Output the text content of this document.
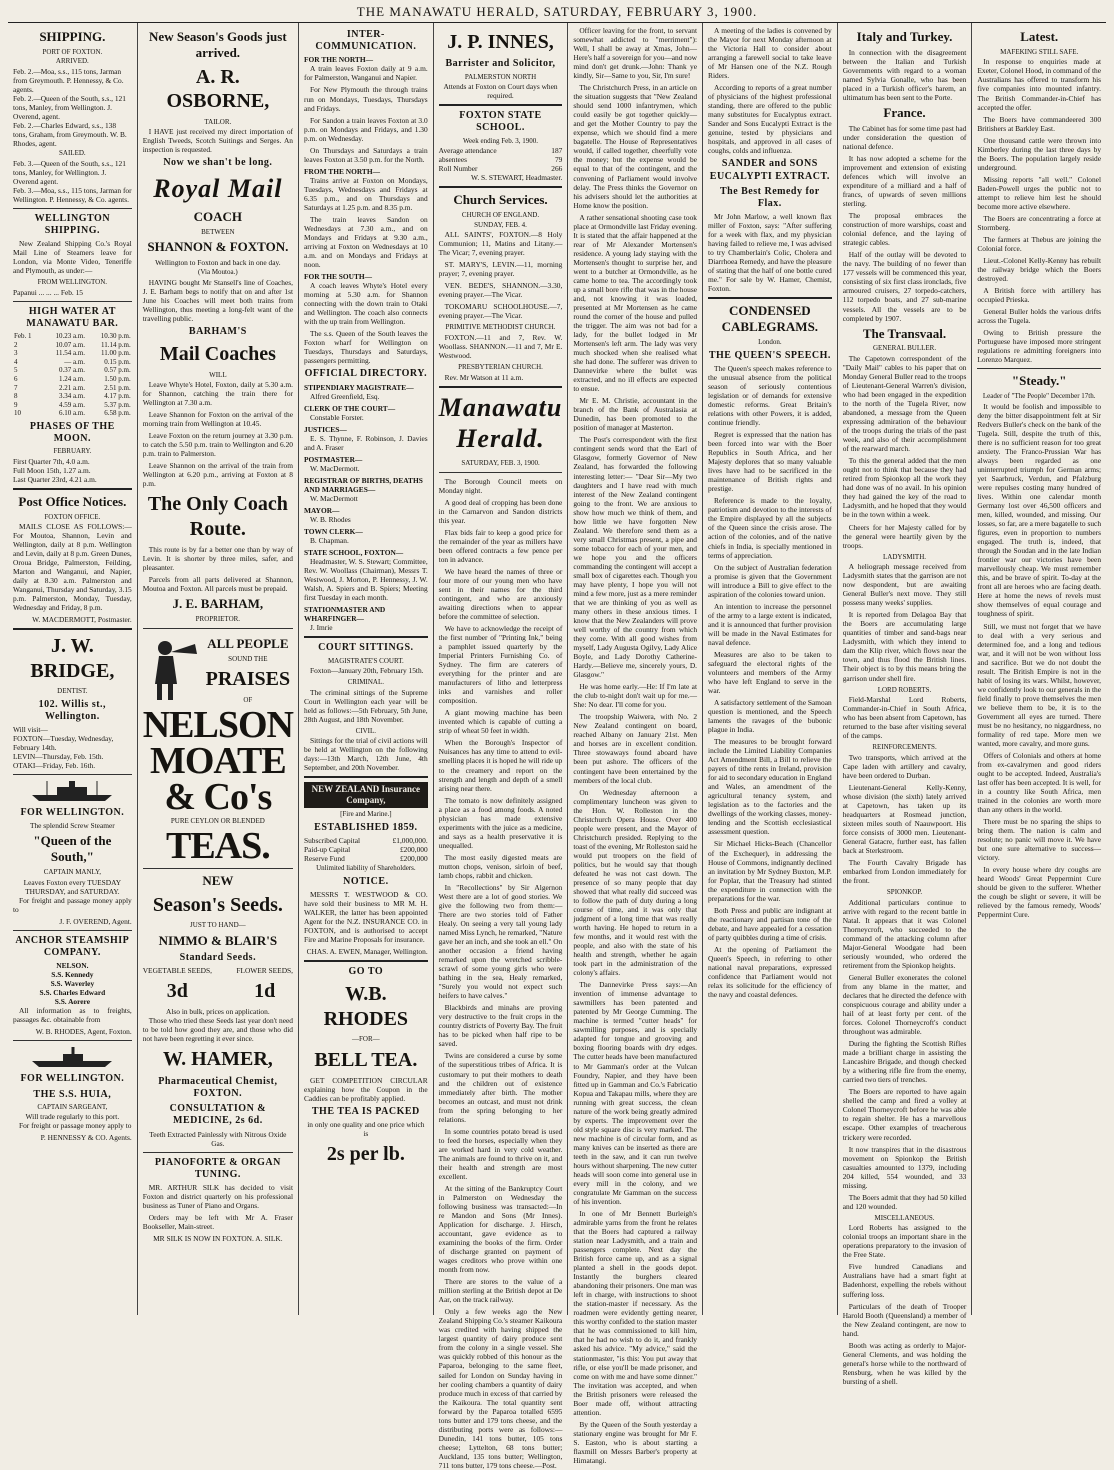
THE MANAWATU HERALD, SATURDAY, FEBRUARY 3, 1900.
SHIPPING.
PORT OF FOXTON.
ARRIVED.
Feb. 2.—Moa, s.s., 115 tons, Jarman from Greymouth. P. Hennessy, & Co. agents.
Feb. 2.—Queen of the South, s.s., 121 tons, Manley, from Wellington. J. Overend, agent.
Feb. 2.—Charles Edward, s.s., 138 tons, Graham, from Greymouth. W. B. Rhodes, agent.
SAILED.
Feb. 3.—Queen of the South, s.s., 121 tons, Manley, for Wellington. J. Overend agent.
Feb. 3.—Moa, s.s., 115 tons, Jarman for Wellington. P. Hennessy, & Co. agents.
WELLINGTON SHIPPING.
New Zealand Shipping Co.'s Royal Mail Line of Steamers leave for London, via Monte Video, Teneriffe and Plymouth, as under:—
FROM WELLINGTON.
Papanui ... ... ... Feb. 15
HIGH WATER AT MANAWATU BAR.
Feb. 1	10.23 a.m.	10.30 p.m.
2	10.07 a.m.	11.14 p.m.
3	11.54 a.m.	11.00 p.m.
4	— a.m.	0.15 p.m.
5	0.37 a.m.	0.57 p.m.
6	1.24 a.m.	1.50 p.m.
7	2.21 a.m.	2.51 p.m.
8	3.34 a.m.	4.17 p.m.
9	4.59 a.m.	5.37 p.m.
10	6.10 a.m.	6.58 p.m.
PHASES OF THE MOON.
FEBRUARY.
First Quarter 7th, 4.0 a.m.
Full Moon 15th, 1.27 a.m.
Last Quarter 23rd, 4.21 a.m.
Post Office Notices.
FOXTON OFFICE.
MAILS CLOSE AS FOLLOWS:— For Moutoa, Shannon, Levin and Wellington, daily at 8 p.m. Wellington and Levin, daily at 8 p.m. Green Dunes, Oroua Bridge, Palmerston, Feilding, Marton and Wanganui, and Napier, daily at 8.30 a.m. Palmerston and Wanganui, Thursday and Saturday, 3.15 p.m. Palmerston, Monday, Tuesday, Wednesday and Friday, 8 p.m.
W. MACDERMOTT, Postmaster.
J. W. BRIDGE,
DENTIST.
102. Willis st., Wellington.
Will visit—
FOXTON—Tuesday, Wednesday, February 14th.
LEVIN—Thursday, Feb. 15th.
OTAKI—Friday, Feb. 16th.
FOR WELLINGTON.
The splendid Screw Steamer
"Queen of the South,"
CAPTAIN MANLY,
Leaves Foxton every TUESDAY THURSDAY, and SATURDAY.
For freight and passage money apply to
J. F. OVEREND, Agent.
ANCHOR STEAMSHIP COMPANY.
NELSON.
S.S. Kennedy
S.S. Waverley
S.S. Charles Edward
S.S. Aorere
All information as to freights, passages &c. obtainable from
W. B. RHODES, Agent, Foxton.
FOR WELLINGTON.
THE S.S. HUIA,
CAPTAIN SARGEANT,
Will trade regularly to this port.
For freight or passage money apply to
P. HENNESSY & CO. Agents.
New Season's Goods just arrived.
A. R. OSBORNE,
TAILOR.
I HAVE just received my direct importation of English Tweeds, Scotch Suitings and Serges. An inspection is requested.
Now we shan't be long.
Royal Mail
COACH
BETWEEN
SHANNON & FOXTON.
Wellington to Foxton and back in one day.
(Via Moutoa.)
HAVING bought Mr Stansell's line of Coaches, J. E. Barham begs to notify that on and after 1st June his Coaches will meet both trains from Wellington, thus meeting a long-felt want of the travelling public.
BARHAM'S
Mail Coaches
WILL
Leave Whyte's Hotel, Foxton, daily at 5.30 a.m. for Shannon, catching the train there for Wellington at 7.30 a.m.
Leave Shannon for Foxton on the arrival of the morning train from Wellington at 10.45.
Leave Foxton on the return journey at 3.30 p.m. to catch the 5.50 p.m. train to Wellington and 6.20 p.m. train to Palmerston.
Leave Shannon on the arrival of the train from Wellington at 6.20 p.m., arriving at Foxton at 8 p.m.
The Only Coach Route.
This route is by far a better one than by way of Levin. It is shorter by three miles, safer, and pleasanter.
Parcels from all parts delivered at Shannon, Moutoa and Foxton. All parcels must be prepaid.
J. E. BARHAM,
PROPRIETOR.
ALL PEOPLE
SOUND THE
PRAISES
OF
NELSON MOATE & Co's
PURE CEYLON OR BLENDED
TEAS.
NEW
Season's Seeds.
JUST TO HAND—
NIMMO & BLAIR'S
Standard Seeds.
VEGETABLE SEEDS,
3d
FLOWER SEEDS,
1d
Also in bulk, prices on application.
Those who tried these Seeds last year don't need to be told how good they are, and those who did not have been regretting it ever since.
W. HAMER,
Pharmaceutical Chemist, FOXTON.
CONSULTATION & MEDICINE, 2s 6d.
Teeth Extracted Painlessly with Nitrous Oxide Gas.
PIANOFORTE & ORGAN TUNING.
MR. ARTHUR SILK has decided to visit Foxton and district quarterly on his professional business as Tuner of Piano and Organs.
Orders may be left with Mr A. Fraser Bookseller, Main-street.
MR SILK IS NOW IN FOXTON. A. SILK.
INTER-COMMUNICATION.
FOR THE NORTH—
A train leaves Foxton daily at 9 a.m. for Palmerston, Wanganui and Napier.
For New Plymouth the through trains run on Mondays, Tuesdays, Thursdays and Fridays.
For Sandon a train leaves Foxton at 3.0 p.m. on Mondays and Fridays, and 1.30 p.m. on Wednesday.
On Thursdays and Saturdays a train leaves Foxton at 3.50 p.m. for the North.
FROM THE NORTH—
Trains arrive at Foxton on Mondays, Tuesdays, Wednesdays and Fridays at 6.35 p.m., and on Thursdays and Saturdays at 1.25 p.m. and 8.35 p.m.
The train leaves Sandon on Wednesdays at 7.30 a.m., and on Mondays and Fridays at 9.30 a.m., arriving at Foxton on Wednesdays at 10 a.m. and on Mondays and Fridays at noon.
FOR THE SOUTH—
A coach leaves Whyte's Hotel every morning at 5.30 a.m. for Shannon connecting with the down train to Otaki and Wellington. The coach also connects with the up train from Wellington.
The s.s. Queen of the South leaves the Foxton wharf for Wellington on Tuesdays, Thursdays and Saturdays, passengers permitting.
OFFICIAL DIRECTORY.
STIPENDIARY MAGISTRATE—
Alfred Greenfield, Esq.
CLERK OF THE COURT—
Constable Forster.
JUSTICES—
E. S. Thynne, F. Robinson, J. Davies and A. Fraser
POSTMASTER—
W. MacDermott.
REGISTRAR OF BIRTHS, DEATHS AND MARRIAGES—
W. MacDermott
MAYOR—
W. B. Rhodes
TOWN CLERK—
B. Chapman.
STATE SCHOOL, FOXTON—
Headmaster, W. S. Stewart; Committee, Rev. W. Woollass (Chairman), Messrs T. Westwood, J. Morton, P. Hennessy, J. W. Walsh, A. Spiers and B. Spiers; Meeting first Tuesday in each month.
STATIONMASTER AND WHARFINGER—
J. Imrie
COURT SITTINGS.
MAGISTRATE'S COURT.
Foxton—January 20th, February 15th.
CRIMINAL.
The criminal sittings of the Supreme Court in Wellington each year will be held as follows:—5th February, 5th June, 28th August, and 18th November.
CIVIL.
Sittings for the trial of civil actions will be held at Wellington on the following days:—13th March, 12th June, 4th September, and 20th November.
NEW ZEALAND Insurance Company,
[Fire and Marine.]
ESTABLISHED 1859.
Subscribed Capital	£1,000,000.
Paid-up Capital	£200,000
Reserve Fund	£200,000
Unlimited liability of Shareholders.
NOTICE.
MESSRS T. WESTWOOD & CO. have sold their business to MR M. H. WALKER, the latter has been appointed Agent for the N.Z. INSURANCE CO. in FOXTON, and is authorised to accept Fire and Marine Proposals for insurance.
CHAS. A. EWEN, Manager, Wellington.
GO TO
W.B. RHODES
—FOR—
BELL TEA.
GET COMPETITION CIRCULAR explaining how the Coupon in the Caddies can be profitably applied.
THE TEA IS PACKED
in only one quality and one price which is
2s per lb.
J. P. INNES,
Barrister and Solicitor,
PALMERSTON NORTH
Attends at Foxton on Court days when required.
FOXTON STATE SCHOOL.
Week ending Feb. 3, 1900.
Average attendance	187
absentees	79
Roll Number	266
W. S. STEWART, Headmaster.
Church Services.
CHURCH OF ENGLAND.
SUNDAY, FEB. 4.
ALL SAINTS', FOXTON.—8 Holy Communion; 11, Matins and Litany.—The Vicar; 7, evening prayer.
ST. MARY'S, LEVIN.—11, morning prayer; 7, evening prayer.
VEN. BEDE'S, SHANNON.—3.30, evening prayer.—The Vicar.
TOKOMARU SCHOOLHOUSE.—7, evening prayer.—The Vicar.
PRIMITIVE METHODIST CHURCH.
FOXTON.—11 and 7, Rev. W. Woollass. SHANNON.—11 and 7, Mr E. Westwood.
PRESBYTERIAN CHURCH.
Rev. Mr Watson at 11 a.m.
Manawatu Herald.
SATURDAY, FEB. 3, 1900.
The Borough Council meets on Monday night.
A good deal of cropping has been done in the Carnarvon and Sandon districts this year.
Flax bids fair to keep a good price for the remainder of the year as millers have been offered contracts a few pence per ton in advance.
We have heard the names of three or four more of our young men who have sent in their names for the third contingent, and who are anxiously awaiting directions when to appear before the committee of selection.
We have to acknowledge the receipt of the first number of "Printing Ink," being a pamphlet issued quarterly by the Imperial Printers Furnishing Co. of Sydney. The firm are caterers of everything for the printer and are manufacturers of litho and letterpress inks and varnishes and roller composition.
A giant mowing machine has been invented which is capable of cutting a strip of wheat 50 feet in width.
When the Borough's Inspector of Nuisances has any time to attend to evil-smelling places it is hoped he will ride up to the creamery and report on the strength and length and depth of a smell arising near there.
The tomato is now definitely assigned a place as a food among foods. A noted physician has made extensive experiments with the juice as a medicine, and says as a health preservative it is unequalled.
The most easily digested meats are mutton chops, venison, sirloin of beef, lamb chops, rabbit and chicken.
In "Recollections" by Sir Algernon West there are a lot of good stories. We give the following two from them:—There are two stories told of Father Healy. On seeing a very tall young lady named Miss Lynch, he remarked, "Nature gave her an inch, and she took an ell." On another occasion a friend having remarked upon the wretched scribble-scrawl of some young girls who were bathing in the sea, Healy remarked, "Surely you would not expect such heifers to have calves."
Blackbirds and minahs are proving very destructive to the fruit crops in the country districts of Poverty Bay. The fruit has to be picked when half ripe to be saved.
Twins are considered a curse by some of the superstitious tribes of Africa. It is customary to put their mothers to death and the children out of existence immediately after birth. The mother becomes an outcast, and must not drink from the spring belonging to her relations.
In some countries potato bread is used to feed the horses, especially when they are worked hard in very cold weather. The animals are found to thrive on it, and their health and strength are most excellent.
At the sitting of the Bankruptcy Court in Palmerston on Wednesday the following business was transacted:—In re Mandon and Sons (Mr Innes). Application for discharge. J. Hirsch, accountant, gave evidence as to examining the books of the firm. Order of discharge granted on payment of wages creditors who prove within one month from now.
There are stores to the value of a million sterling at the British depot at De Aar, on the track railway.
Only a few weeks ago the New Zealand Shipping Co.'s steamer Kaikoura was credited with having shipped the largest quantity of dairy produce sent from the colony in a single vessel. She was quickly robbed of this honour as the Paparoa, belonging to the same fleet, sailed for London on Sunday having in her cooling chambers a quantity of dairy produce much in excess of that carried by the Kaikoura. The total quantity sent forward by the Paparoa totalled 6595 tons butter and 179 tons cheese, and the distributing ports were as follows:—Dunedin, 141 tons butter, 105 tons cheese; Lyttelton, 68 tons butter; Auckland, 135 tons butter; Wellington, 711 tons butter, 179 tons cheese.—Post.
Officer leaving for the front, to servant somewhat addicted to "merriment"): Well, I shall be away at Xmas, John—Here's half a sovereign for you—and now mind don't get drunk.—John: Thank ye kindly, Sir—Same to you, Sir, I'm sure!
The Christchurch Press, in an article on the situation suggests that "New Zealand should send 1000 infantrymen, which could easily be got together quickly—and get the Mother Country to pay the expense, which we should find a mere bagatelle. The House of Representatives would, if called together, cheerfully vote the money; but the expense would be equal to that of the contingent, and the convening of Parliament would involve delay. The Press thinks the Governor on his advisers should let the authorities at Home know the position.
A rather sensational shooting case took place at Ormondville last Friday evening. It is stated that the affair happened at the rear of Mr Alexander Mortensen's residence. A young lady staying with the Mortensen's thought to surprise her, and went to a butcher at Ormondville, as he came home to tea. The accordingly took up a small bore rifle that was in the house and, not knowing it was loaded, presented at Mr Mortensen as he came round the corner of the house and pulled the trigger. The aim was not bad for a lady, for the bullet lodged in Mr Mortensen's left arm. The lady was very much shocked when she realised what she had done. The sufferer was driven to Dannevirke where the bullet was extracted, and no ill effects are expected to ensue.
Mr E. M. Christie, accountant in the branch of the Bank of Australasia at Dunedin, has been promoted to the position of manager at Masterton.
The Post's correspondent with the first contingent sends word that the Earl of Glasgow, formerly Governor of New Zealand, has forwarded the following interesting letter:— "Dear Sir—My two daughters and I have read with much interest of the New Zealand contingent going to the front. We are anxious to show how much we think of them, and how little we have forgotten New Zealand. We therefore send them as a very small Christmas present, a pipe and some tobacco for each of your men, and we hope you and the officers commanding the contingent will accept a small box of cigarettes each. Though you may have plenty, I hope you will not mind a few more, just as a mere reminder that we are thinking of you as well as many others in these anxious times. I know that the New Zealanders will prove well worthy of the country from which they come. With all good wishes from myself, Lady Augusta Ogilvy, Lady Alice Boyle, and Lady Dorothy Catherine-Hardy.—Believe me, sincerely yours, D. Glasgow."
He was home early.—He: If I'm late at the club to-night don't wait up for me.—She: No dear. I'll come for you.
The troopship Waiwera, with No. 2 New Zealand contingent on board, reached Albany on January 21st. Men and horses are in excellent condition. Three stowaways found aboard have been put ashore. The officers of the contingent have been entertained by the members of the local club.
On Wednesday afternoon a complimentary luncheon was given to the Hon. W. Rolleston in the Christchurch Opera House. Over 400 people were present, and the Mayor of Christchurch presided. Replying to the toast of the evening, Mr Rolleston said he would put troopers on the field of politics, but he would say that though defeated he was not cast down. The presence of so many people that day showed that what really did succeed was to follow the path of duty during a long course of time, and it was only that judgment of a long time that was really worth having. He hoped to return in a few months, and it would rest with the people, and also with the state of his health and strength, whether he again took part in the administration of the colony's affairs.
The Dannevirke Press says:—An invention of immense advantage to sawmillers has been patented and patented by Mr George Cumming. The machine is termed "cutter heads" for sawmilling purposes, and is specially adapted for tongue and grooving and boxing flooring boards with dry edges. The cutter heads have been manufactured to Mr Gamman's order at the Vulcan Foundry, Napier, and they have been fitted up in Gamman and Co.'s Fabricatio Kopua and Takapau mills, where they are running with great success, the clean nature of the work being greatly admired by experts. The improvement over the old style square disc is very marked. The new machine is of circular form, and as many knives can be inserted as there are teeth in the saw, and it can run twelve hours without sharpening. The new cutter heads will soon come into general use in every mill in the colony, and we congratulate Mr Gamman on the success of his invention.
In one of Mr Bennett Burleigh's admirable yarns from the front he relates that the Boers had captured a railway station near Ladysmith, and a train and passengers complete. Next day the British force came up, and as a signal planted a shell in the goods depot. Instantly the burghers cleared abandoning their prisoners. One man was left in charge, with instructions to shoot the station-master if necessary. As the roadmen were evidently getting nearer, this worthy confided to the station master that he was commissioned to kill him, that he had no wish to do it, and frankly asked his advice. "My advice," said the stationmaster, "is this: You put away that rifle, or else you'll be made prisoner, and come on with me and have some dinner." The invitation was accepted, and when the British prisoners were released the Boer made off, without attracting attention.
By the Queen of the South yesterday a stationary engine was brought for Mr F. S. Easton, who is about starting a flaxmill on Messrs Barber's property at Himatangi.
A meeting of the ladies is convened by the Mayor for next Monday afternoon at the Victoria Hall to consider about arranging a farewell social to take leave of Mr Hansen one of the N.Z. Rough Riders.
According to reports of a great number of physicians of the highest professional standing, there are offered to the public many substitutes for Eucalyptus extract. Sander and Sons Eucalypti Extract is the genuine, tested by physicians and hospitals, and approved in all cases of coughs, colds and influenza.
SANDER and SONS EUCALYPTI EXTRACT.
The Best Remedy for Flax.
Mr John Marlow, a well known flax miller of Foxton, says: "After suffering for a week with flax, and my physician having failed to relieve me, I was advised to try Chamberlain's Colic, Cholera and Diarrhoea Remedy, and have the pleasure of stating that the half of one bottle cured me." For sale by W. Hamer, Chemist, Foxton.
CONDENSED CABLEGRAMS.
London.
THE QUEEN'S SPEECH.
The Queen's speech makes reference to the unusual absence from the political season of seriously contentious legislation or of demands for extensive domestic reforms. Great Britain's relations with other Powers, it is added, continue friendly.
Regret is expressed that the nation has been forced into war with the Boer Republics in South Africa, and her Majesty deplores that so many valuable lives have had to be sacrificed in the maintenance of British rights and prestige.
Reference is made to the loyalty, patriotism and devotion to the interests of the Empire displayed by all the subjects of the Queen since the crisis arose. The action of the colonies, and of the native chiefs in India, is specially mentioned in terms of appreciation.
On the subject of Australian federation a promise is given that the Government will introduce a Bill to give effect to the aspiration of the colonies toward union.
An intention to increase the personnel of the army to a large extent is indicated, and it is announced that further provision will be made in the Naval Estimates for naval defence.
Measures are also to be taken to safeguard the electoral rights of the volunteers and members of the Army who have left England to serve in the war.
A satisfactory settlement of the Samoan question is mentioned, and the Speech laments the ravages of the bubonic plague in India.
The measures to be brought forward include the Limited Liability Companies Act Amendment Bill, a Bill to relieve the payers of tithe rents in Ireland, provision for aid to secondary education in England and Wales, an amendment of the agricultural tenancy system, and legislation as to the factories and the dwellings of the working classes, money-lending and the Scottish ecclesiastical assessment question.
Sir Michael Hicks-Beach (Chancellor of the Exchequer), in addressing the House of Commons, indignantly declined an invitation by Mr Sydney Buxton, M.P. for Poplar, that the Treasury had stinted the expenditure in connection with the preparations for the war.
Both Press and public are indignant at the reactionary and partisan tone of the debate, and have appealed for a cessation of party quibbles during a time of crisis.
At the opening of Parliament the Queen's Speech, in referring to other national naval preparations, expressed confidence that Parliament would not relax its solicitude for the efficiency of the navy and coastal defences.
Italy and Turkey.
In connection with the disagreement between the Italian and Turkish Governments with regard to a woman named Sylvia Gonalle, who has been placed in a Turkish officer's harem, an ultimatum has been sent to the Porte.
France.
The Cabinet has for some time past had under consideration the question of national defence.
It has now adopted a scheme for the improvement and extension of existing defences which will involve an expenditure of a milliard and a half of francs, of upwards of seven millions sterling.
The proposal embraces the construction of more warships, coast and colonial defence, and the laying of strategic cables.
Half of the outlay will be devoted to the navy. The building of no fewer than 177 vessels will be commenced this year, consisting of six first class ironclads, five armoured cruisers, 27 torpedo-catchers, 112 torpedo boats, and 27 sub-marine vessels. All the vessels are to be completed by 1907.
The Transvaal.
GENERAL BULLER.
The Capetown correspondent of the "Daily Mail" cables to his paper that on Monday General Buller read to the troops of Lieutenant-General Warren's division, who had been engaged in the expedition to the north of the Tugela River, now abandoned, a message from the Queen expressing admiration of the behaviour of the troops during the trials of the past week, and also of their accomplishment of the rearward march.
To this the general added that the men ought not to think that because they had retired from Spionkop all the work they had done was of no avail. In his opinion they had gained the key of the road to Ladysmith, and he hoped that they would be in the town within a week.
Cheers for her Majesty called for by the general were heartily given by the troops.
LADYSMITH.
A heliograph message received from Ladysmith states that the garrison are not now despondent, but are awaiting General Buller's next move. They still possess many weeks' supplies.
It is reported from Delagoa Bay that the Boers are accumulating large quantities of timber and sand-bags near Ladysmith, with which they intend to dam the Klip river, which flows near the town, and thus flood the British lines. Their object is to by this means bring the garrison under shell fire.
LORD ROBERTS.
Field-Marshal Lord Roberts, Commander-in-Chief in South Africa, who has been absent from Capetown, has returned to the base after visiting several of the camps.
REINFORCEMENTS.
Two transports, which arrived at the Cape laden with artillery and cavalry, have been ordered to Durban.
Lieutenant-General Kelly-Kenny, whose division (the sixth) lately arrived at Capetown, has taken up its headquarters at Rosmead junction, sixteen miles south of Naauwpoort. His force consists of 3000 men. Lieutenant-General Gatacre, further east, has fallen back at Sterkstroom.
The Fourth Cavalry Brigade has embarked from London immediately for the front.
SPIONKOP.
Additional particulars continue to arrive with regard to the recent battle in Natal. It appears that it was Colonel Thorneycroft, who succeeded to the command of the attacking column after Major-General Woodgate had been seriously wounded, who ordered the retirement from the Spionkop heights.
General Buller exonerates the colonel from any blame in the matter, and declares that he directed the defence with conspicuous courage and ability under a hail of at least forty per cent. of the forces. Colonel Thorneycroft's conduct throughout was admirable.
During the fighting the Scottish Rifles made a brilliant charge in assisting the Lancashire Brigade, and though checked by a withering rifle fire from the enemy, carried two tiers of trenches.
The Boers are reported to have again shelled the camp and fired a volley at Colonel Thorneycroft before he was able to regain shelter. He has a marvellous escape. Other examples of treacherous trickery were recorded.
It now transpires that in the disastrous movement on Spionkop the British casualties amounted to 1379, including 204 killed, 554 wounded, and 33 missing.
The Boers admit that they had 50 killed and 120 wounded.
MISCELLANEOUS.
Lord Roberts has assigned to the colonial troops an important share in the operations preparatory to the invasion of the Free State.
Five hundred Canadians and Australians have had a smart fight at Badenhorst, expelling the rebels without suffering loss.
Particulars of the death of Trooper Harold Booth (Queensland) a member of the New Zealand contingent, are now to hand.
Booth was acting as orderly to Major-General Clements, and was holding the general's horse while to the northward of Rensburg, when he was killed by the bursting of a shell.
Latest.
MAFEKING STILL SAFE.
In response to enquiries made at Exeter, Colonel Hood, in command of the Australians has offered to transform his five companies into mounted infantry. The British Commander-in-Chief has accepted the offer.
The Boers have commandeered 300 Britishers at Barkley East.
One thousand cattle were thrown into Kimberley during the last three days by the Boers. The population largely reside underground.
Missing reports "all well." Colonel Baden-Powell urges the public not to attempt to relieve him lest he should become more active elsewhere.
The Boers are concentrating a force at Stormberg.
The farmers at Thebus are joining the Colonial force.
Lieut.-Colonel Kelly-Kenny has rebuilt the railway bridge which the Boers destroyed.
A British force with artillery has occupied Prieska.
General Buller holds the various drifts across the Tugela.
Owing to British pressure the Portuguese have imposed more stringent regulations re admitting foreigners into Lorenzo Marquez.
"Steady."
Leader of "The People" December 17th.
It would be foolish and impossible to deny the bitter disappointment felt at Sir Redvers Buller's check on the bank of the Tugela. Still, despite the truth of this, there is no sufficient reason for too great anxiety. The Franco-Prussian War has always been regarded as one uninterrupted triumph for German arms; yet Saarbruck, Verdun, and Pfalzburg were repulses costing many hundred of lives. Within one calendar month Germany lost over 46,500 officers and men, killed, wounded, and missing. Our losses, so far, are a mere bagatelle to such figures, even in proportion to numbers engaged. The truth is, indeed, that through the Soudan and in the late Indian frontier war our victories have been marvellously cheap. We must remember this, and be brave of spirit. To-day at the front all are heroes who are facing death. Here at home the news of revels must show themselves of equal courage and toughness of spirit.
Still, we must not forget that we have to deal with a very serious and determined foe, and a long and tedious war, and it will not be won without loss and sacrifice. But we do not doubt the result. The British Empire is not in the habit of losing its wars. Whilst, however, we confidently look to our generals in the field finally to prove themselves the men we believe them to be, it is to the Government all eyes are turned. There must be no hesitancy, no niggardness, no formality of red tape. More men we wanted, more cavalry, and more guns.
Offers of Colonials and others at home from ex-cavalrymen and good riders ought to be accepted. Indeed, Australia's last offer has been accepted. It is well, for in a country like South Africa, men trained in the colonies are worth more than any others in the world.
There must be no sparing the ships to bring them. The nation is calm and resolute; no panic will move it. We have but one sure alternative to success—victory.
In every house where dry coughs are heard Woods' Great Peppermint Cure should be given to the sufferer. Whether the cough be slight or severe, it will be relieved by the famous remedy, Woods' Peppermint Cure.
